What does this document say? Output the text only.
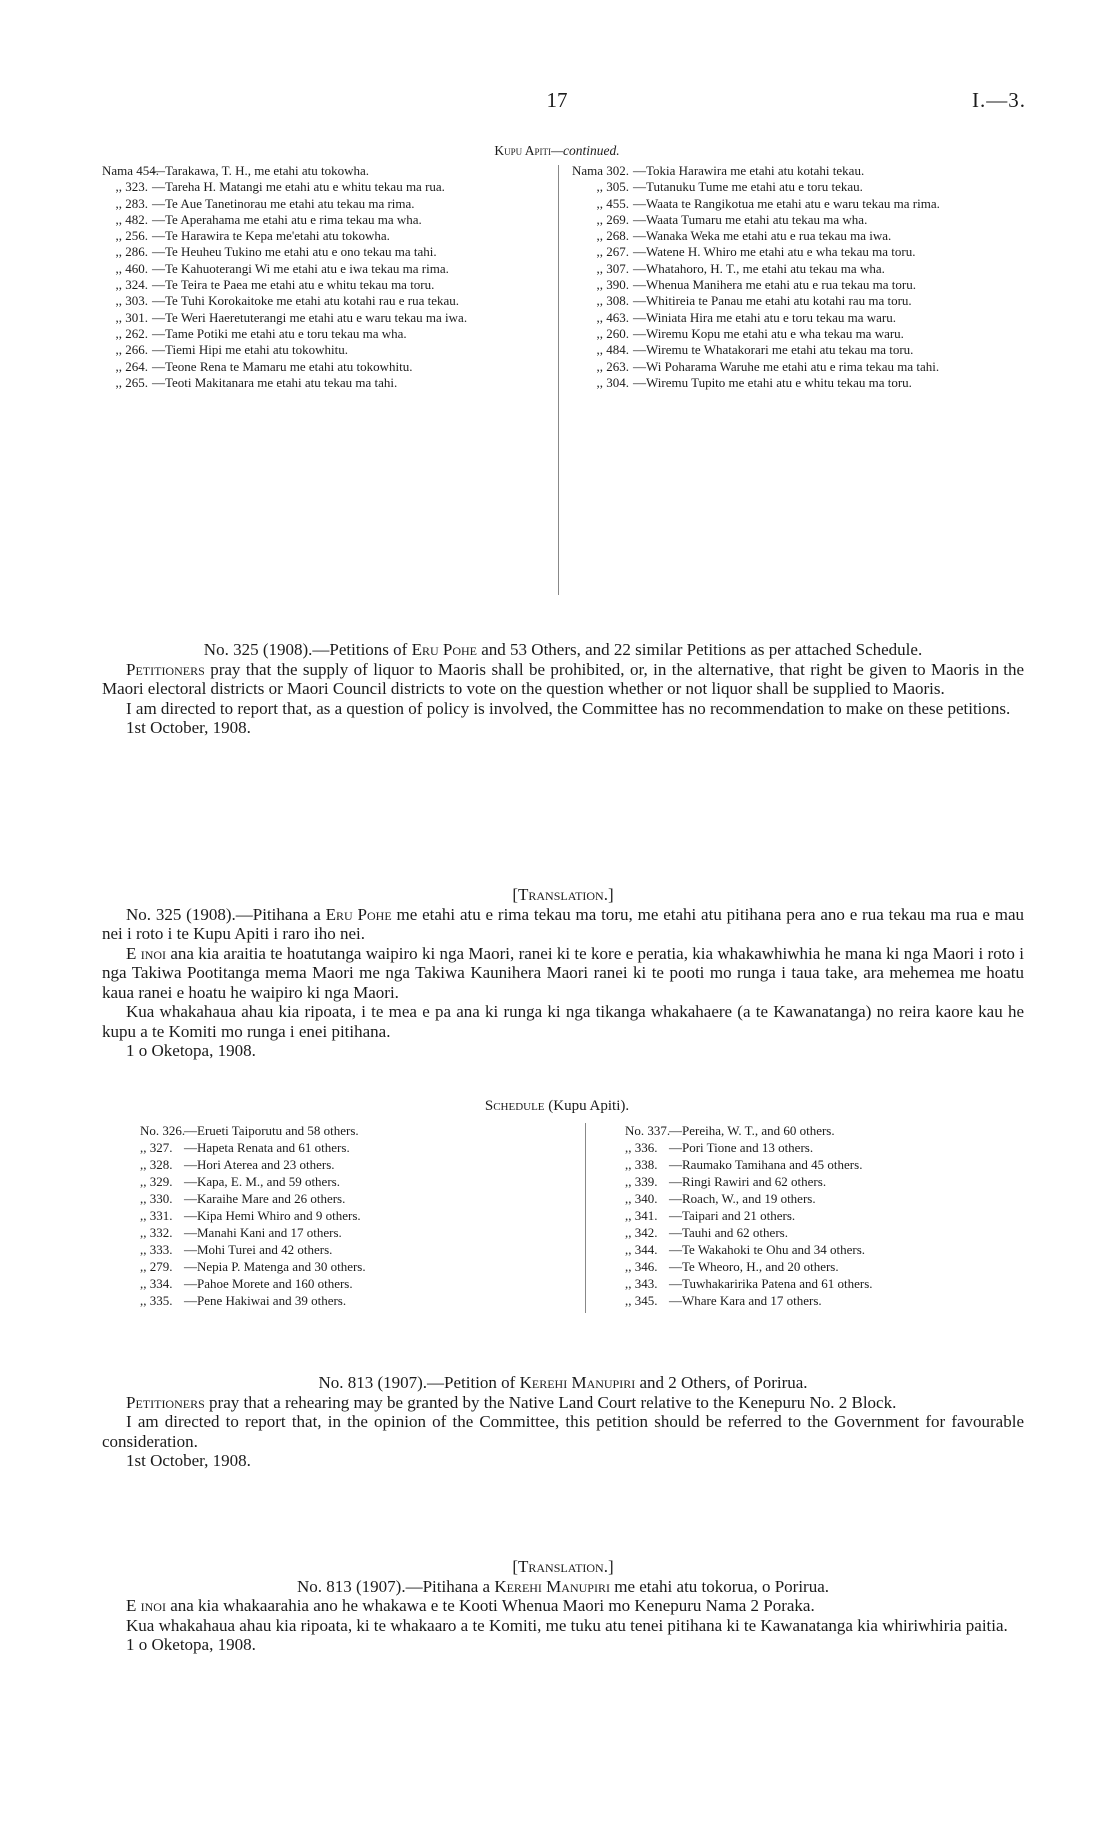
17	I.—3.
Kupu Apiti—continued.
Nama 454.
—Tarakawa, T. H., me etahi atu tokowha.
,, 323. —Tareha H. Matangi me etahi atu e whitu tekau ma rua.
,, 283. —Te Aue Tanetinorau me etahi atu tekau ma rima.
,, 482. —Te Aperahama me etahi atu e rima tekau ma wha.
,, 256. —Te Harawira te Kepa me'etahi atu tokowha.
,, 286. —Te Heuheu Tukino me etahi atu e ono tekau ma tahi.
,, 460. —Te Kahuoterangi Wi me etahi atu e iwa tekau ma rima.
,, 324. —Te Teira te Paea me etahi atu e whitu tekau ma toru.
,, 303. —Te Tuhi Korokaitoke me etahi atu kotahi rau e rua tekau.
,, 301. —Te Weri Haeretuterangi me etahi atu e waru tekau ma iwa.
,, 262. —Tame Potiki me etahi atu e toru tekau ma wha.
,, 266. —Tiemi Hipi me etahi atu tokowhitu.
,, 264. —Teone Rena te Mamaru me etahi atu tokowhitu.
,, 265. —Teoti Makitanara me etahi atu tekau ma tahi.
Nama 302. —Tokia Harawira me etahi atu kotahi tekau.
,, 305. —Tutanuku Tume me etahi atu e toru tekau.
,, 455. —Waata te Rangikotua me etahi atu e waru tekau ma rima.
,, 269. —Waata Tumaru me etahi atu tekau ma wha.
,, 268. —Wanaka Weka me etahi atu e rua tekau ma iwa.
,, 267. —Watene H. Whiro me etahi atu e wha tekau ma toru.
,, 307. —Whatahoro, H. T., me etahi atu tekau ma wha.
,, 390. —Whenua Manihera me etahi atu e rua tekau ma toru.
,, 308. —Whitireia te Panau me etahi atu kotahi rau ma toru.
,, 463. —Winiata Hira me etahi atu e toru tekau ma waru.
,, 260. —Wiremu Kopu me etahi atu e wha tekau ma waru.
,, 484. —Wiremu te Whatakorari me etahi atu tekau ma toru.
,, 263. —Wi Poharama Waruhe me etahi atu e rima tekau ma tahi.
,, 304. —Wiremu Tupito me etahi atu e whitu tekau ma toru.

No. 325 (1908).—Petitions of Eru Pohe and 53 Others, and 22 similar Petitions as per attached Schedule.

Petitioners pray that the supply of liquor to Maoris shall be prohibited, or, in the alternative, that right be given to Maoris in the Maori electoral districts or Maori Council districts to vote on the question whether or not liquor shall be supplied to Maoris.

I am directed to report that, as a question of policy is involved, the Committee has no recommendation to make on these petitions.

1st October, 1908.

[Translation.]

No. 325 (1908).—Pitihana a Eru Pohe me etahi atu e rima tekau ma toru, me etahi atu pitihana pera ano e rua tekau ma rua e mau nei i roto i te Kupu Apiti i raro iho nei.

E inoi ana kia araitia te hoatutanga waipiro ki nga Maori, ranei ki te kore e peratia, kia whakawhiwhia he mana ki nga Maori i roto i nga Takiwa Pootitanga mema Maori me nga Takiwa Kaunihera Maori ranei ki te pooti mo runga i taua take, ara mehemea me hoatu kaua ranei e hoatu he waipiro ki nga Maori.

Kua whakahaua ahau kia ripoata, i te mea e pa ana ki runga ki nga tikanga whakahaere (a te Kawanatanga) no reira kaore kau he kupu a te Komiti mo runga i enei pitihana.

1 o Oketopa, 1908.

Schedule (Kupu Apiti).
No. 326.
—Erueti Taiporutu and 58 others.
,, 327. —Hapeta Renata and 61 others.
,, 328. —Hori Aterea and 23 others.
,, 329. —Kapa, E. M., and 59 others.
,, 330. —Karaihe Mare and 26 others.
,, 331. —Kipa Hemi Whiro and 9 others.
,, 332. —Manahi Kani and 17 others.
,, 333. —Mohi Turei and 42 others.
,, 279. —Nepia P. Matenga and 30 others.
,, 334. —Pahoe Morete and 160 others.
,, 335. —Pene Hakiwai and 39 others.
No. 337.
—Pereiha, W. T., and 60 others.
,, 336. —Pori Tione and 13 others.
,, 338. —Raumako Tamihana and 45 others.
,, 339. —Ringi Rawiri and 62 others.
,, 340. —Roach, W., and 19 others.
,, 341. —Taipari and 21 others.
,, 342. —Tauhi and 62 others.
,, 344. —Te Wakahoki te Ohu and 34 others.
,, 346. —Te Wheoro, H., and 20 others.
,, 343. —Tuwhakaririka Patena and 61 others.
,, 345. —Whare Kara and 17 others.

No. 813 (1907).—Petition of Kerehi Manupiri and 2 Others, of Porirua.

Petitioners pray that a rehearing may be granted by the Native Land Court relative to the Kenepuru No. 2 Block.

I am directed to report that, in the opinion of the Committee, this petition should be referred to the Government for favourable consideration.

1st October, 1908.

[Translation.]

No. 813 (1907).—Pitihana a Kerehi Manupiri me etahi atu tokorua, o Porirua.

E inoi ana kia whakaarahia ano he whakawa e te Kooti Whenua Maori mo Kenepuru Nama 2 Poraka.

Kua whakahaua ahau kia ripoata, ki te whakaaro a te Komiti, me tuku atu tenei pitihana ki te Kawanatanga kia whiriwhiria paitia.

1 o Oketopa, 1908.
